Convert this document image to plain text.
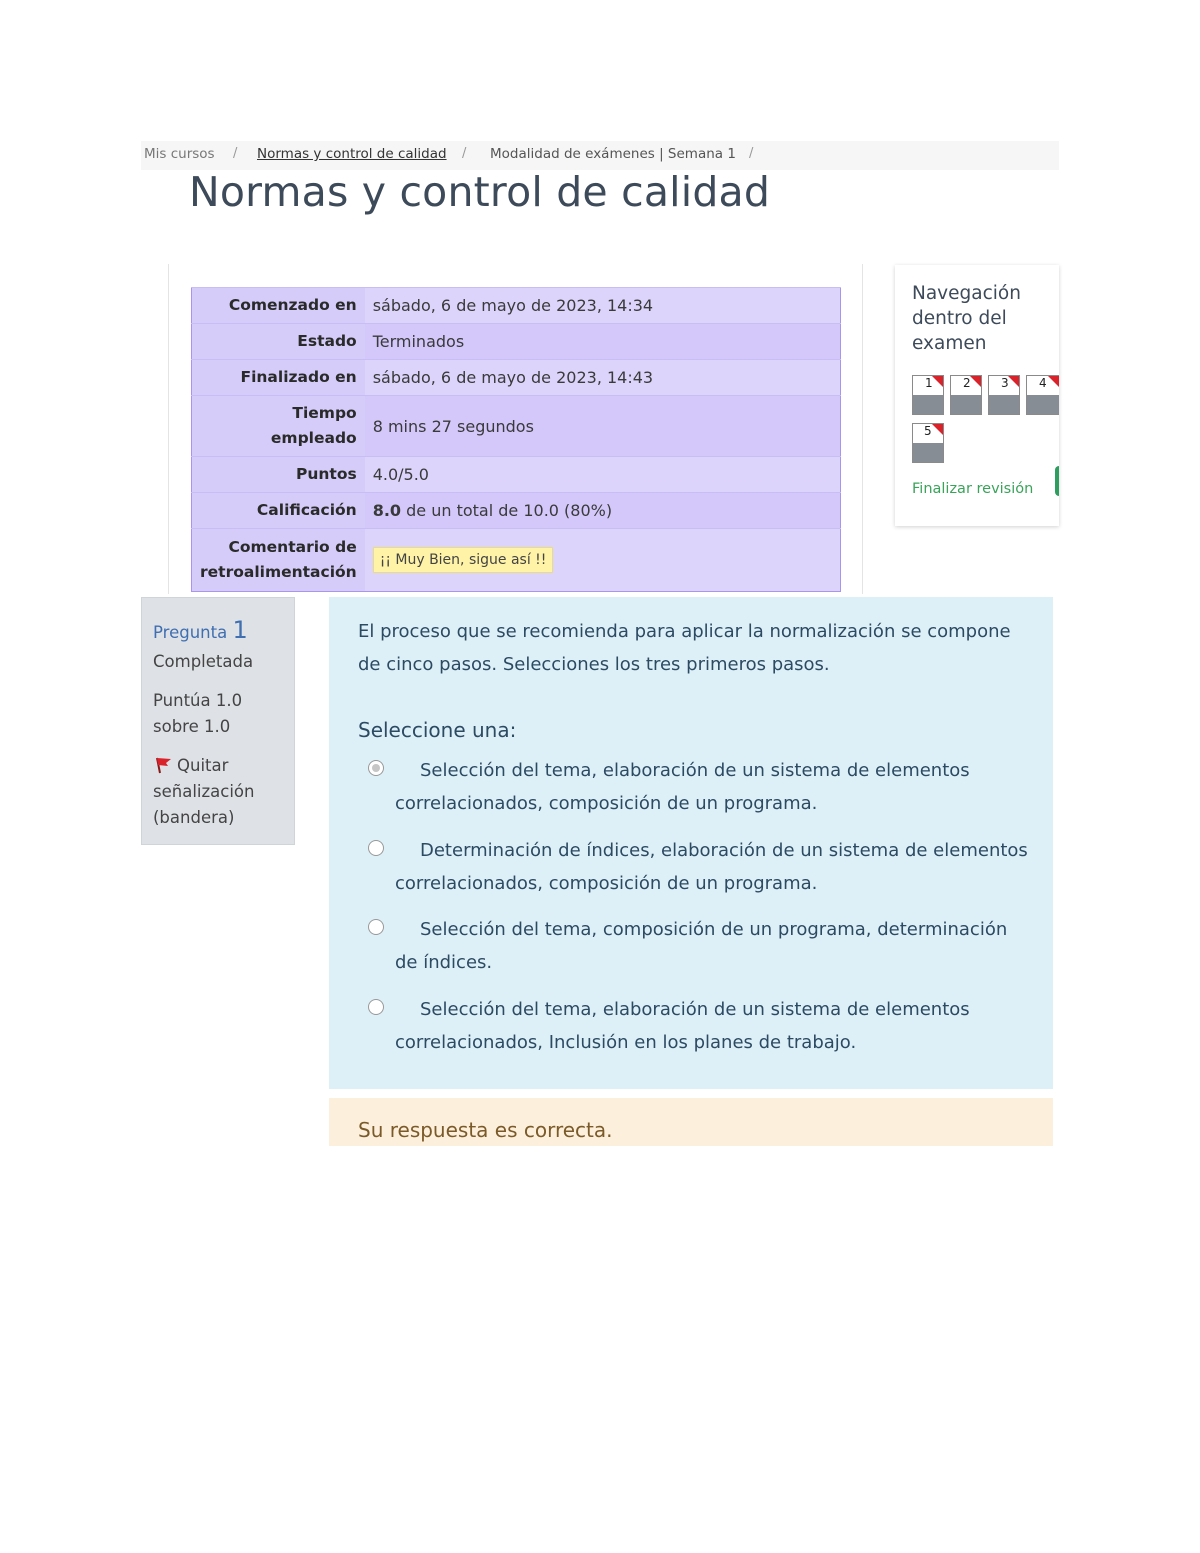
Mis cursos / Normas y control de calidad / Modalidad de exámenes | Semana 1 /
Normas y control de calidad
Comenzado en	sábado, 6 de mayo de 2023, 14:34
Estado	Terminados
Finalizado en	sábado, 6 de mayo de 2023, 14:43

Tiempo
empleado	8 mins 27 segundos
Puntos	4.0/5.0
Calificación	8.0 de un total de 10.0 (80%)

Comentario de
retroalimentación	¡¡ Muy Bien, sigue así !!
Navegación dentro del examen
1	2	3	4
5
Finalizar revisión
Pregunta 1
Completada
Puntúa 1.0
sobre 1.0
Quitar
señalización
(bandera)
El proceso que se recomienda para aplicar la normalización se compone de cinco pasos. Selecciones los tres primeros pasos.
Seleccione una:
Selección del tema, elaboración de un sistema de elementos correlacionados, composición de un programa.
Determinación de índices, elaboración de un sistema de elementos correlacionados, composición de un programa.
Selección del tema, composición de un programa, determinación de índices.
Selección del tema, elaboración de un sistema de elementos correlacionados, Inclusión en los planes de trabajo.
Su respuesta es correcta.
